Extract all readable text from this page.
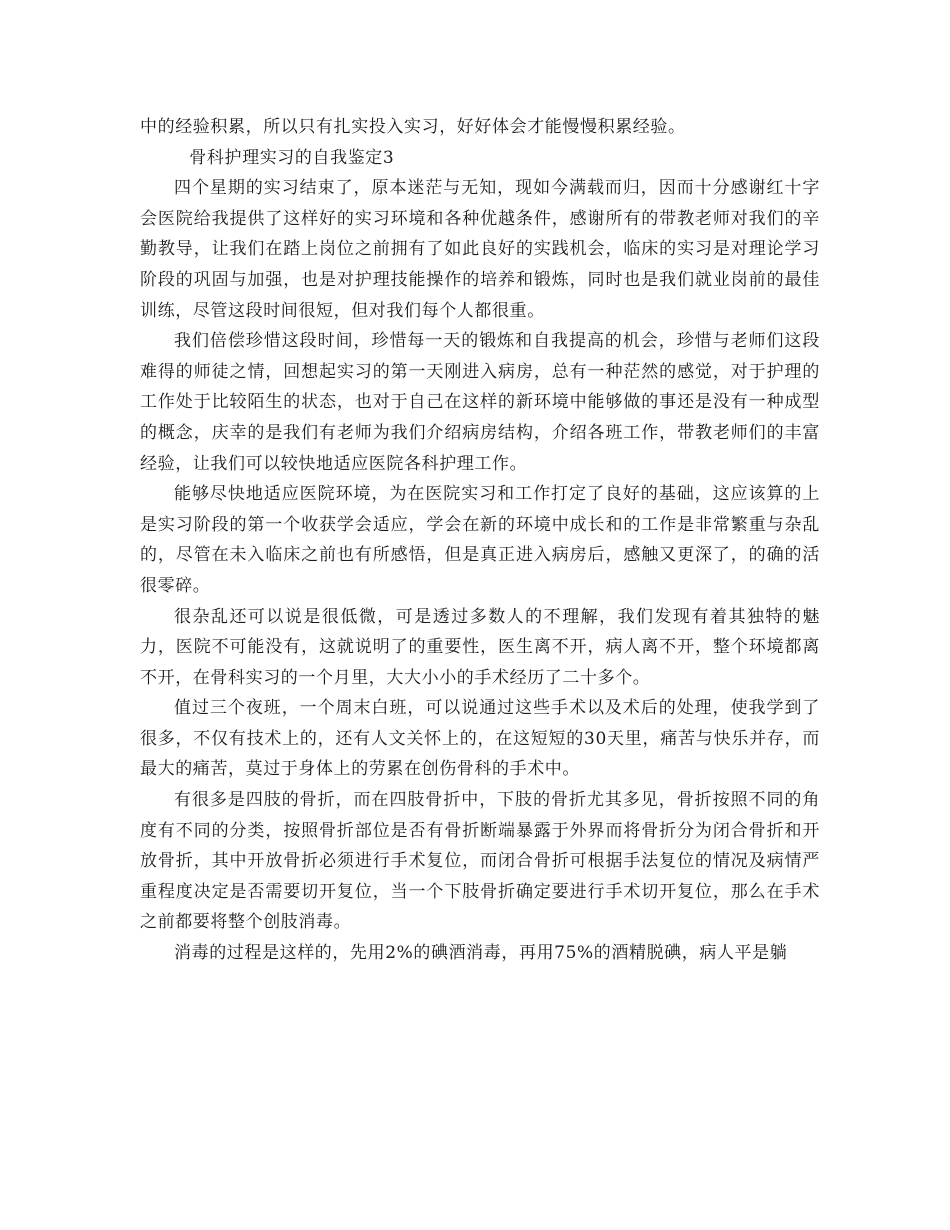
中的经验积累，所以只有扎实投入实习，好好体会才能慢慢积累经验。

骨科护理实习的自我鉴定3

四个星期的实习结束了，原本迷茫与无知，现如今满载而归，因而十分感谢红十字会医院给我提供了这样好的实习环境和各种优越条件，感谢所有的带教老师对我们的辛勤教导，让我们在踏上岗位之前拥有了如此良好的实践机会，临床的实习是对理论学习阶段的巩固与加强，也是对护理技能操作的培养和锻炼，同时也是我们就业岗前的最佳训练，尽管这段时间很短，但对我们每个人都很重。

我们倍偿珍惜这段时间，珍惜每一天的锻炼和自我提高的机会，珍惜与老师们这段难得的师徒之情，回想起实习的第一天刚进入病房，总有一种茫然的感觉，对于护理的工作处于比较陌生的状态，也对于自己在这样的新环境中能够做的事还是没有一种成型的概念，庆幸的是我们有老师为我们介绍病房结构，介绍各班工作，带教老师们的丰富经验，让我们可以较快地适应医院各科护理工作。

能够尽快地适应医院环境，为在医院实习和工作打定了良好的基础，这应该算的上是实习阶段的第一个收获学会适应，学会在新的环境中成长和的工作是非常繁重与杂乱的，尽管在未入临床之前也有所感悟，但是真正进入病房后，感触又更深了，的确的活很零碎。

很杂乱还可以说是很低微，可是透过多数人的不理解，我们发现有着其独特的魅力，医院不可能没有，这就说明了的重要性，医生离不开，病人离不开，整个环境都离不开，在骨科实习的一个月里，大大小小的手术经历了二十多个。

值过三个夜班，一个周末白班，可以说通过这些手术以及术后的处理，使我学到了很多，不仅有技术上的，还有人文关怀上的，在这短短的30天里，痛苦与快乐并存，而最大的痛苦，莫过于身体上的劳累在创伤骨科的手术中。

有很多是四肢的骨折，而在四肢骨折中，下肢的骨折尤其多见，骨折按照不同的角度有不同的分类，按照骨折部位是否有骨折断端暴露于外界而将骨折分为闭合骨折和开放骨折，其中开放骨折必须进行手术复位，而闭合骨折可根据手法复位的情况及病情严重程度决定是否需要切开复位，当一个下肢骨折确定要进行手术切开复位，那么在手术之前都要将整个创肢消毒。

消毒的过程是这样的，先用2%的碘酒消毒，再用75%的酒精脱碘，病人平是躺
